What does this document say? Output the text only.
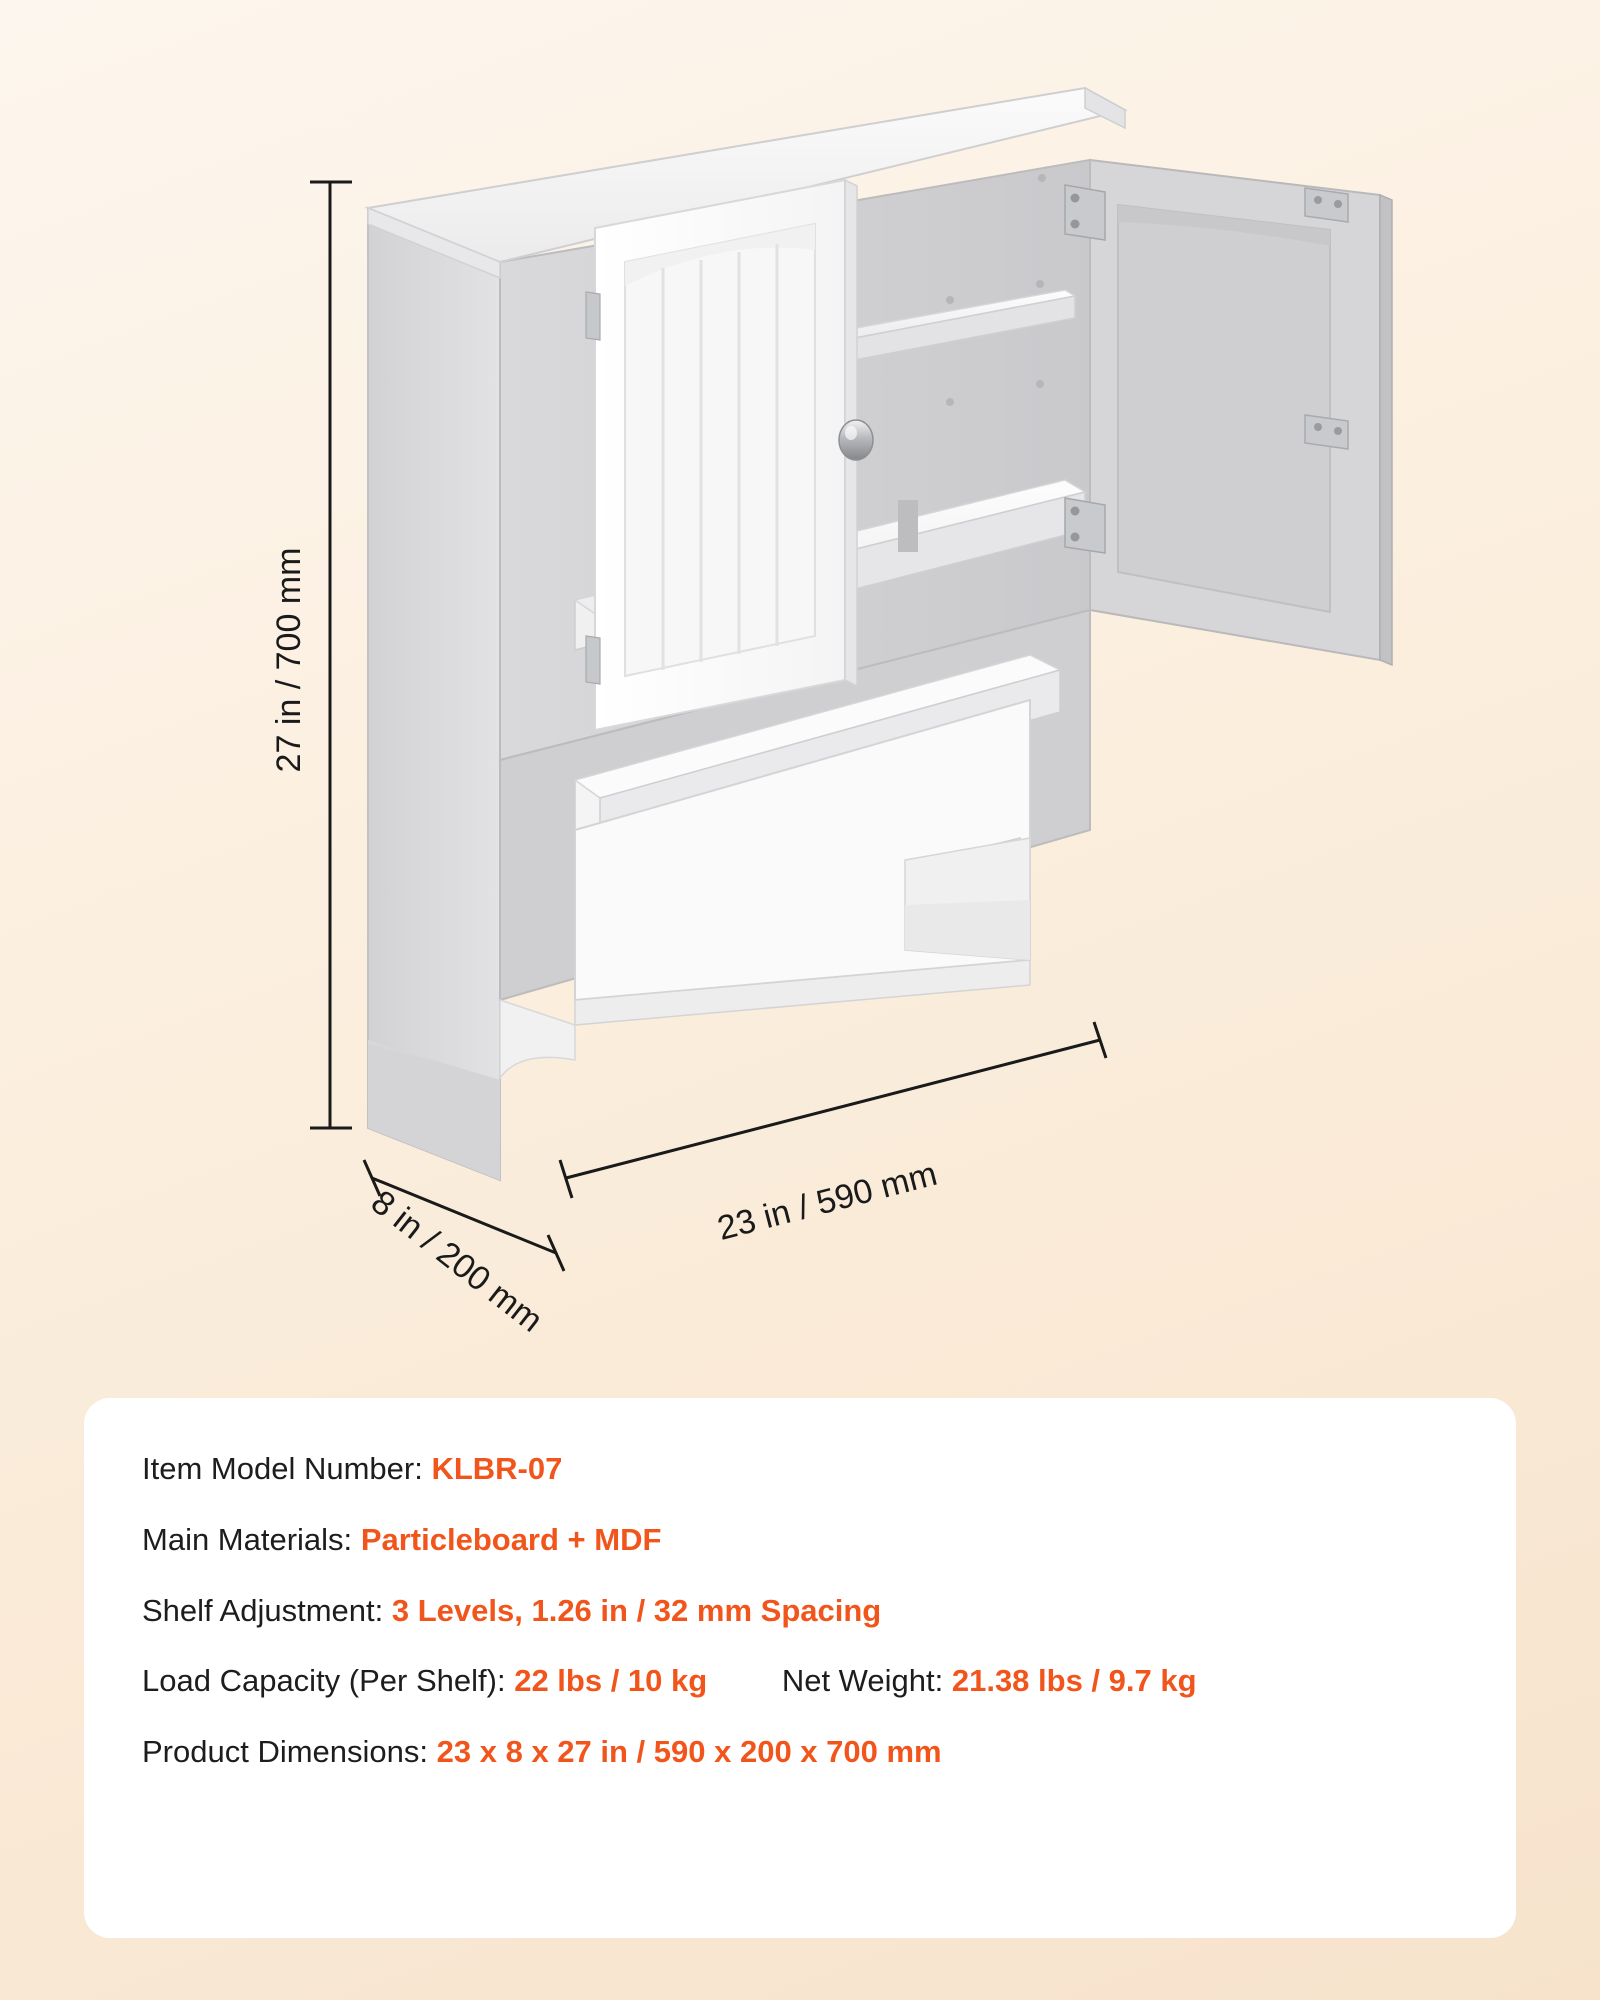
27 in / 700 mm
23 in / 590 mm
8 in / 200 mm
Item Model Number: KLBR-07
Main Materials: Particleboard + MDF
Shelf Adjustment: 3 Levels, 1.26 in / 32 mm Spacing
Load Capacity (Per Shelf): 22 lbs / 10 kg Net Weight: 21.38 lbs / 9.7 kg
Product Dimensions: 23 x 8 x 27 in / 590 x 200 x 700 mm
